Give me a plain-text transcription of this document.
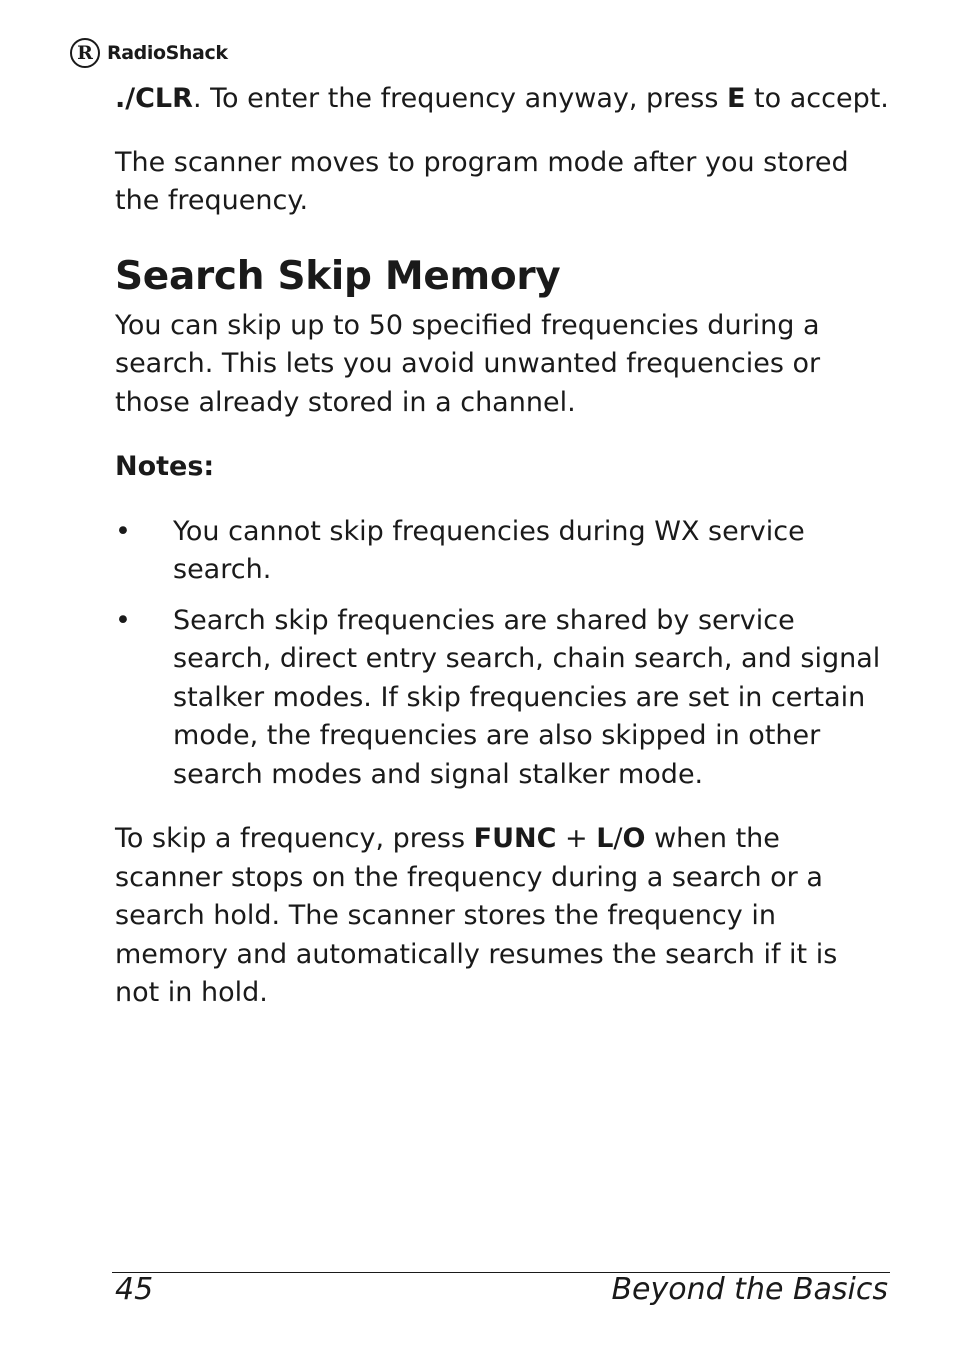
R RadioShack

./CLR. To enter the frequency anyway, press E to accept.

The scanner moves to program mode after you stored the frequency.

Search Skip Memory

You can skip up to 50 specified frequencies during a search. This lets you avoid unwanted frequencies or those already stored in a channel.

Notes:

• You cannot skip frequencies during WX service search.
• Search skip frequencies are shared by service search, direct entry search, chain search, and signal stalker modes. If skip frequencies are set in certain mode, the frequencies are also skipped in other search modes and signal stalker mode.

To skip a frequency, press FUNC + L/O when the scanner stops on the frequency during a search or a search hold. The scanner stores the frequency in memory and automatically resumes the search if it is not in hold.

45	Beyond the Basics
